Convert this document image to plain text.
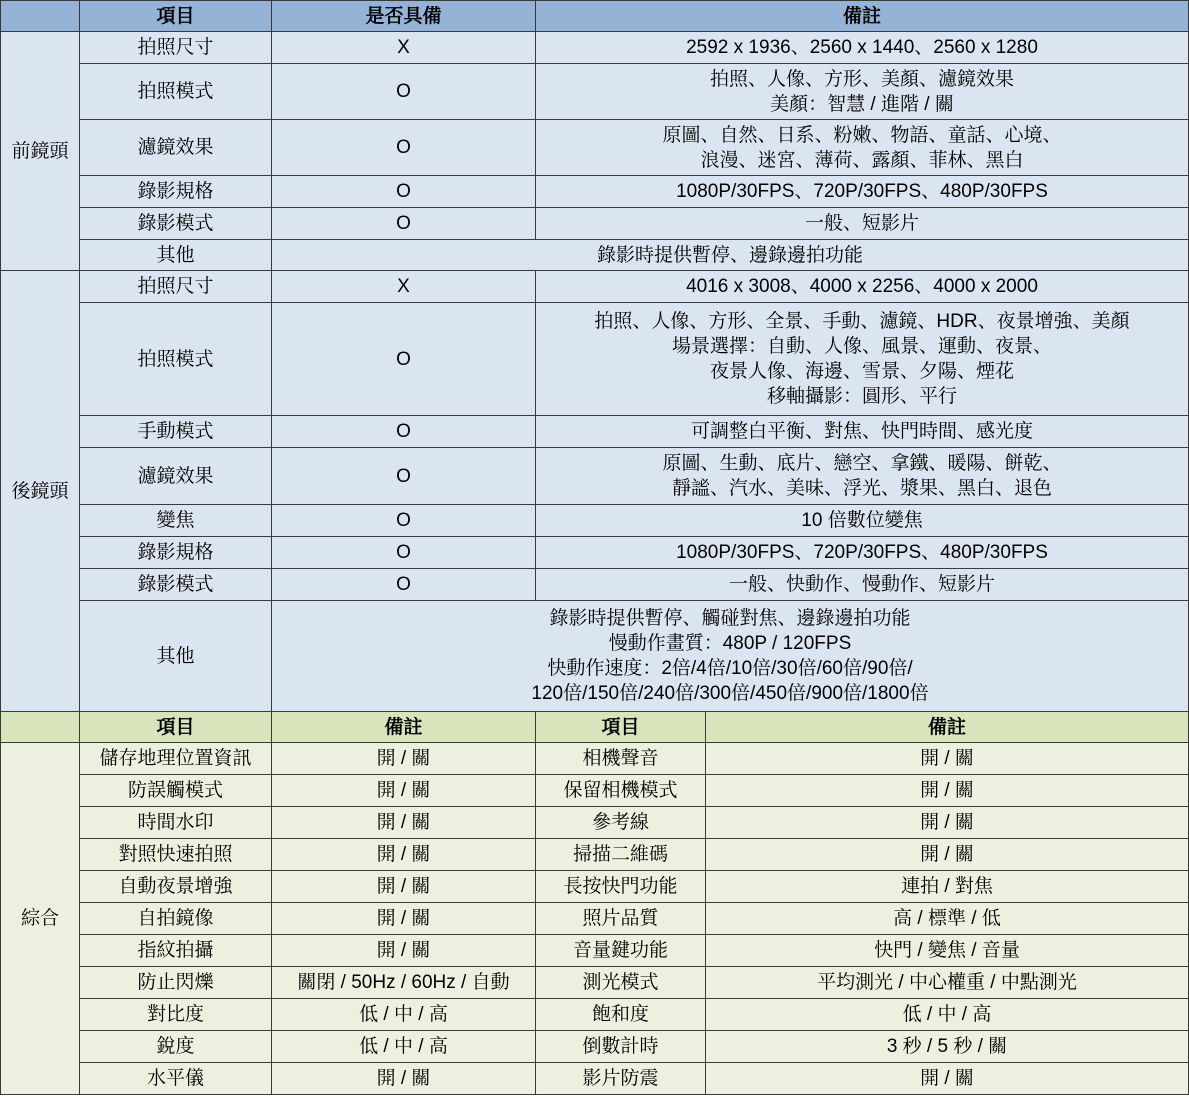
	項目	是否具備	備註	
前鏡頭	拍照尺寸	X	2592 x 1936、2560 x 1440、2560 x 1280	

	拍照模式	O	拍照、人像、方形、美顏、濾鏡效果
美顏：智慧 / 進階 / 關	

	濾鏡效果	O	原圖、自然、日系、粉嫩、物語、童話、心境、
浪漫、迷宮、薄荷、露顏、菲林、黑白	

	錄影規格	O	1080P/30FPS、720P/30FPS、480P/30FPS	

	錄影模式	O	一般、短影片	

	其他	錄影時提供暫停、邊錄邊拍功能		

後鏡頭	拍照尺寸	X	4016 x 3008、4000 x 2256、4000 x 2000	

	拍照模式	O	拍照、人像、方形、全景、手動、濾鏡、HDR、夜景增強、美顏
場景選擇：自動、人像、風景、運動、夜景、
夜景人像、海邊、雪景、夕陽、煙花
移軸攝影：圓形、平行	

	手動模式	O	可調整白平衡、對焦、快門時間、感光度	

	濾鏡效果	O	原圖、生動、底片、戀空、拿鐵、暖陽、餅乾、
靜謐、汽水、美味、浮光、漿果、黑白、退色	

	變焦	O	10 倍數位變焦	

	錄影規格	O	1080P/30FPS、720P/30FPS、480P/30FPS	

	錄影模式	O	一般、快動作、慢動作、短影片	

	其他	錄影時提供暫停、觸碰對焦、邊錄邊拍功能
慢動作畫質：480P / 120FPS
快動作速度：2倍/4倍/10倍/30倍/60倍/90倍/
120倍/150倍/240倍/300倍/450倍/900倍/1800倍		

	項目	備註	項目	備註
綜合	儲存地理位置資訊	開 / 關	相機聲音	開 / 關
	防誤觸模式	開 / 關	保留相機模式	開 / 關
	時間水印	開 / 關	參考線	開 / 關
	對照快速拍照	開 / 關	掃描二維碼	開 / 關
	自動夜景增強	開 / 關	長按快門功能	連拍 / 對焦
	自拍鏡像	開 / 關	照片品質	高 / 標準 / 低
	指紋拍攝	開 / 關	音量鍵功能	快門 / 變焦 / 音量
	防止閃爍	關閉 / 50Hz / 60Hz / 自動	測光模式	平均測光 / 中心權重 / 中點測光
	對比度	低 / 中 / 高	飽和度	低 / 中 / 高
	銳度	低 / 中 / 高	倒數計時	3 秒 / 5 秒 / 關
	水平儀	開 / 關	影片防震	開 / 關
